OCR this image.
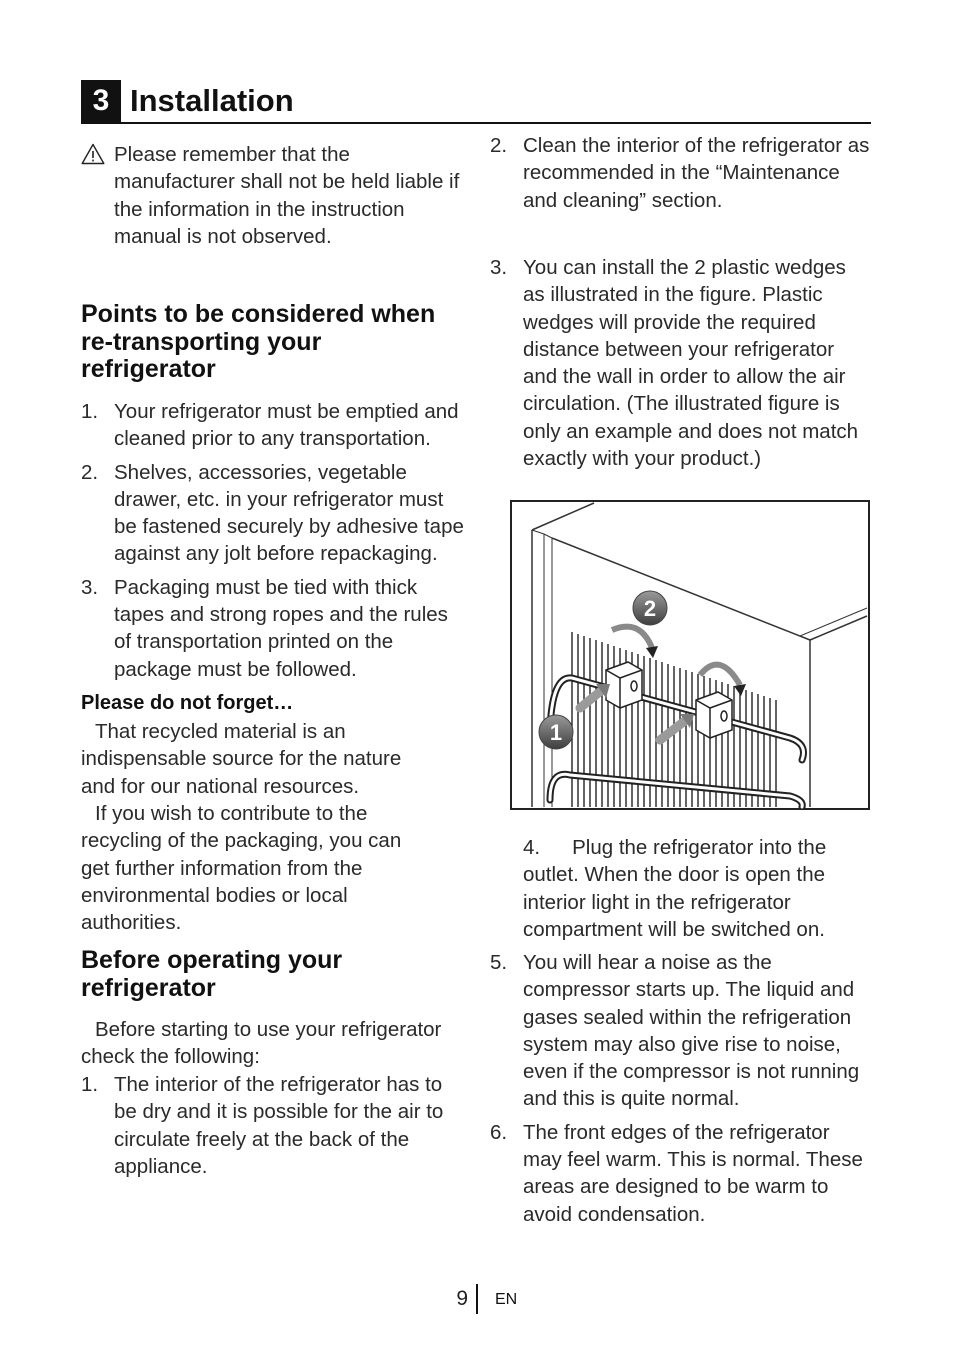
3 Installation
Please remember that the manufacturer shall not be held liable if the information in the instruction manual is not observed.
Points to be considered when re-transporting your refrigerator
1. Your refrigerator must be emptied and cleaned prior to any transportation.
2. Shelves, accessories, vegetable drawer, etc. in your refrigerator must be fastened securely by adhesive tape against any jolt before repackaging.
3. Packaging must be tied with thick tapes and strong ropes and the rules of transportation printed on the package must be followed.
Please do not forget…
That recycled material is an indispensable source for the nature and for our national resources.
If you wish to contribute to the recycling of the packaging, you can get further information from the environmental bodies or local authorities.
Before operating your refrigerator
Before starting to use your refrigerator check the following:
1. The interior of the refrigerator has to be dry and it is possible for the air to circulate freely at the back of the appliance.
2. Clean the interior of the refrigerator as recommended in the “Maintenance and cleaning” section.
3. You can install the 2 plastic wedges as illustrated in the figure. Plastic wedges will provide the required distance between your refrigerator and the wall in order to allow the air circulation. (The illustrated figure is only an example and does not match exactly with your product.)
2
1
4. Plug the refrigerator into the outlet. When the door is open the interior light in the refrigerator compartment will be switched on.
5. You will hear a noise as the compressor starts up. The liquid and gases sealed within the refrigeration system may also give rise to noise, even if the compressor is not running and this is quite normal.
6. The front edges of the refrigerator may feel warm. This is normal. These areas are designed to be warm to avoid condensation.
9 EN
